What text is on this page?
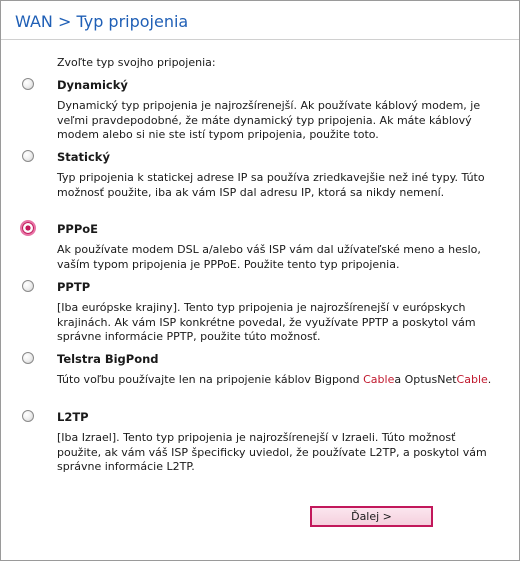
WAN > Typ pripojenia
Zvoľte typ svojho pripojenia:
Dynamický
Dynamický typ pripojenia je najrozšírenejší. Ak používate káblový modem, je veľmi pravdepodobné, že máte dynamický typ pripojenia. Ak máte káblový modem alebo si nie ste istí typom pripojenia, použite toto.
Statický
Typ pripojenia k statickej adrese IP sa používa zriedkavejšie než iné typy. Túto možnosť použite, iba ak vám ISP dal adresu IP, ktorá sa nikdy nemení.
PPPoE
Ak používate modem DSL a/alebo váš ISP vám dal užívateľské meno a heslo, vaším typom pripojenia je PPPoE. Použite tento typ pripojenia.
PPTP
[Iba európske krajiny]. Tento typ pripojenia je najrozšírenejší v európskych krajinách. Ak vám ISP konkrétne povedal, že využívate PPTP a poskytol vám správne informácie PPTP, použite túto možnosť.
Telstra BigPond
Túto voľbu používajte len na pripojenie káblov Bigpond Cablea OptusNetCable.
L2TP
[Iba Izrael]. Tento typ pripojenia je najrozšírenejší v Izraeli. Túto možnosť použite, ak vám váš ISP špecificky uviedol, že používate L2TP, a poskytol vám správne informácie L2TP.
Ďalej >
